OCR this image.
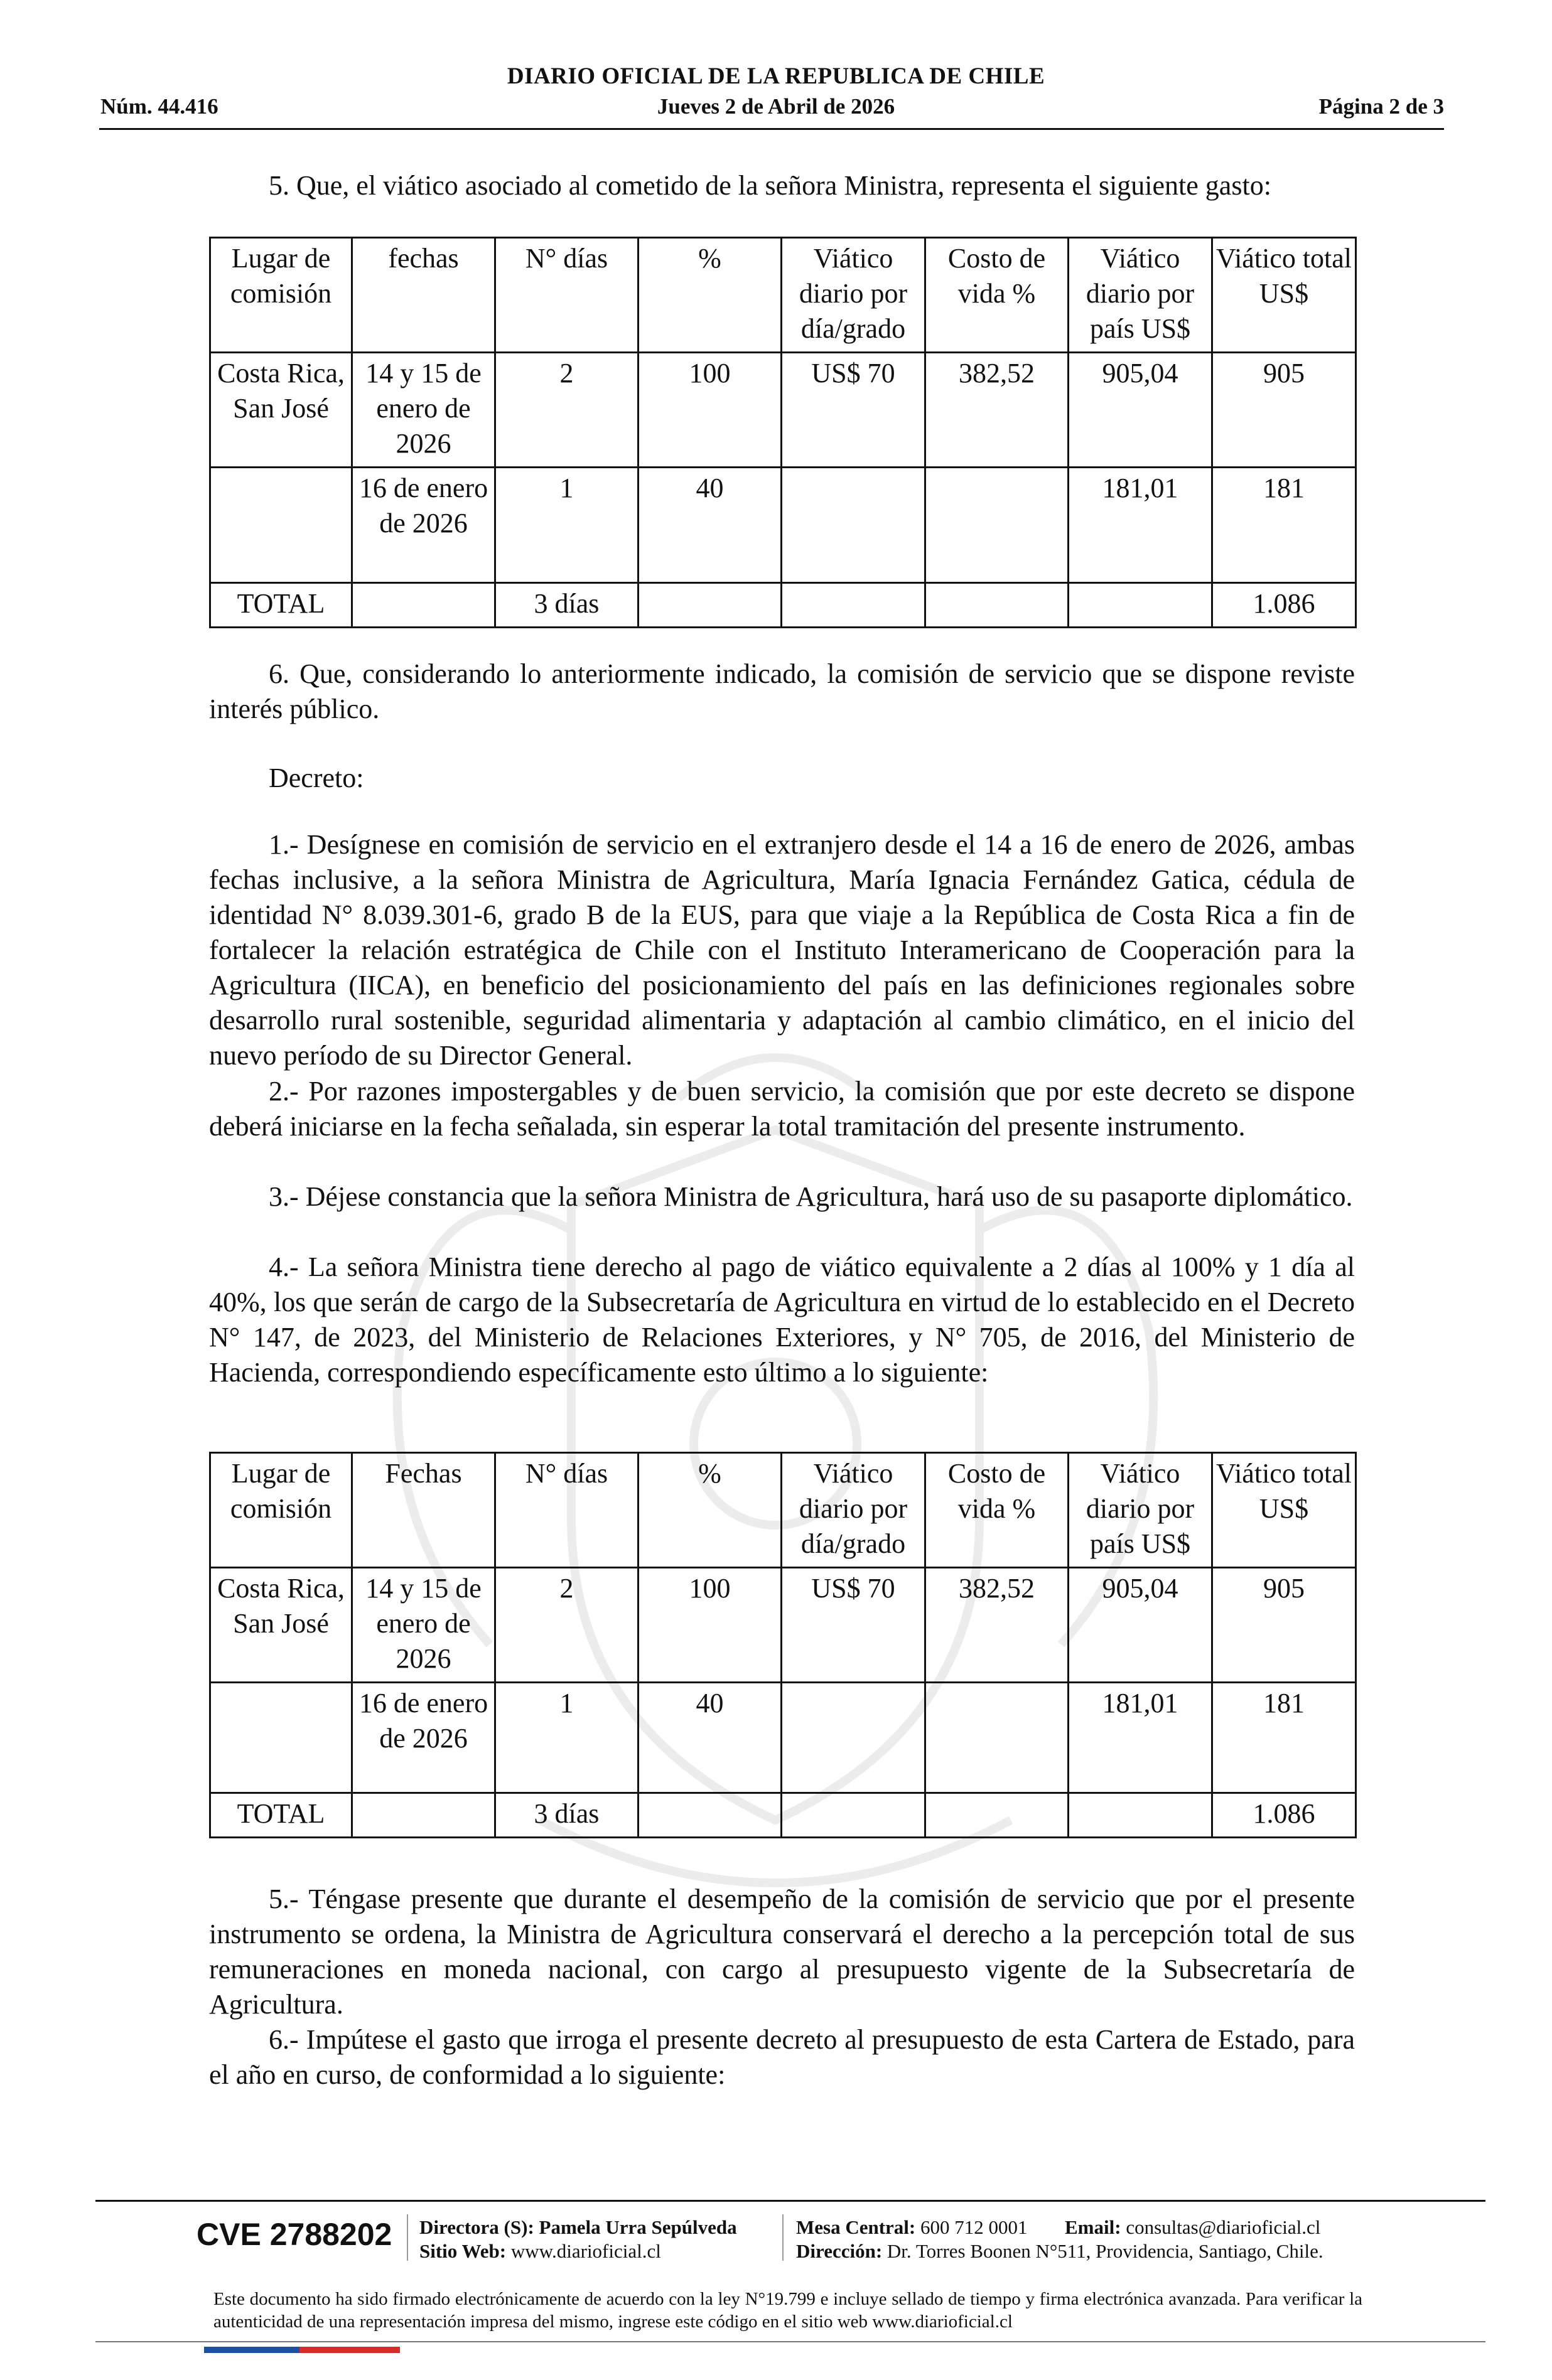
DIARIO OFICIAL DE LA REPUBLICA DE CHILE
Núm. 44.416	Jueves 2 de Abril de 2026	Página 2 de 3
5. Que, el viático asociado al cometido de la señora Ministra, representa el siguiente gasto:
Lugar de comisión	fechas	N° días	%	Viático diario por día/grado	Costo de vida %	Viático diario por país US$	Viático total US$
Costa Rica, San José	14 y 15 de enero de 2026	2	100	US$ 70	382,52	905,04	905
	16 de enero de 2026	1	40			181,01	181
TOTAL		3 días					1.086
6. Que, considerando lo anteriormente indicado, la comisión de servicio que se dispone reviste interés público.
Decreto:
1.- Desígnese en comisión de servicio en el extranjero desde el 14 a 16 de enero de 2026, ambas fechas inclusive, a la señora Ministra de Agricultura, María Ignacia Fernández Gatica, cédula de identidad N° 8.039.301-6, grado B de la EUS, para que viaje a la República de Costa Rica a fin de fortalecer la relación estratégica de Chile con el Instituto Interamericano de Cooperación para la Agricultura (IICA), en beneficio del posicionamiento del país en las definiciones regionales sobre desarrollo rural sostenible, seguridad alimentaria y adaptación al cambio climático, en el inicio del nuevo período de su Director General.
2.- Por razones impostergables y de buen servicio, la comisión que por este decreto se dispone deberá iniciarse en la fecha señalada, sin esperar la total tramitación del presente instrumento.
3.- Déjese constancia que la señora Ministra de Agricultura, hará uso de su pasaporte diplomático.
4.- La señora Ministra tiene derecho al pago de viático equivalente a 2 días al 100% y 1 día al 40%, los que serán de cargo de la Subsecretaría de Agricultura en virtud de lo establecido en el Decreto N° 147, de 2023, del Ministerio de Relaciones Exteriores, y N° 705, de 2016, del Ministerio de Hacienda, correspondiendo específicamente esto último a lo siguiente:
Lugar de comisión	Fechas	N° días	%	Viático diario por día/grado	Costo de vida %	Viático diario por país US$	Viático total US$
Costa Rica, San José	14 y 15 de enero de 2026	2	100	US$ 70	382,52	905,04	905
	16 de enero de 2026	1	40			181,01	181
TOTAL		3 días					1.086
5.- Téngase presente que durante el desempeño de la comisión de servicio que por el presente instrumento se ordena, la Ministra de Agricultura conservará el derecho a la percepción total de sus remuneraciones en moneda nacional, con cargo al presupuesto vigente de la Subsecretaría de Agricultura.
6.- Impútese el gasto que irroga el presente decreto al presupuesto de esta Cartera de Estado, para el año en curso, de conformidad a lo siguiente:
CVE 2788202 Directora (S): Pamela Urra Sepúlveda
Sitio Web: www.diarioficial.cl
Mesa Central: 600 712 0001 Email: consultas@diarioficial.cl
Dirección: Dr. Torres Boonen N°511, Providencia, Santiago, Chile.
Este documento ha sido firmado electrónicamente de acuerdo con la ley N°19.799 e incluye sellado de tiempo y firma electrónica avanzada. Para verificar la autenticidad de una representación impresa del mismo, ingrese este código en el sitio web www.diarioficial.cl
